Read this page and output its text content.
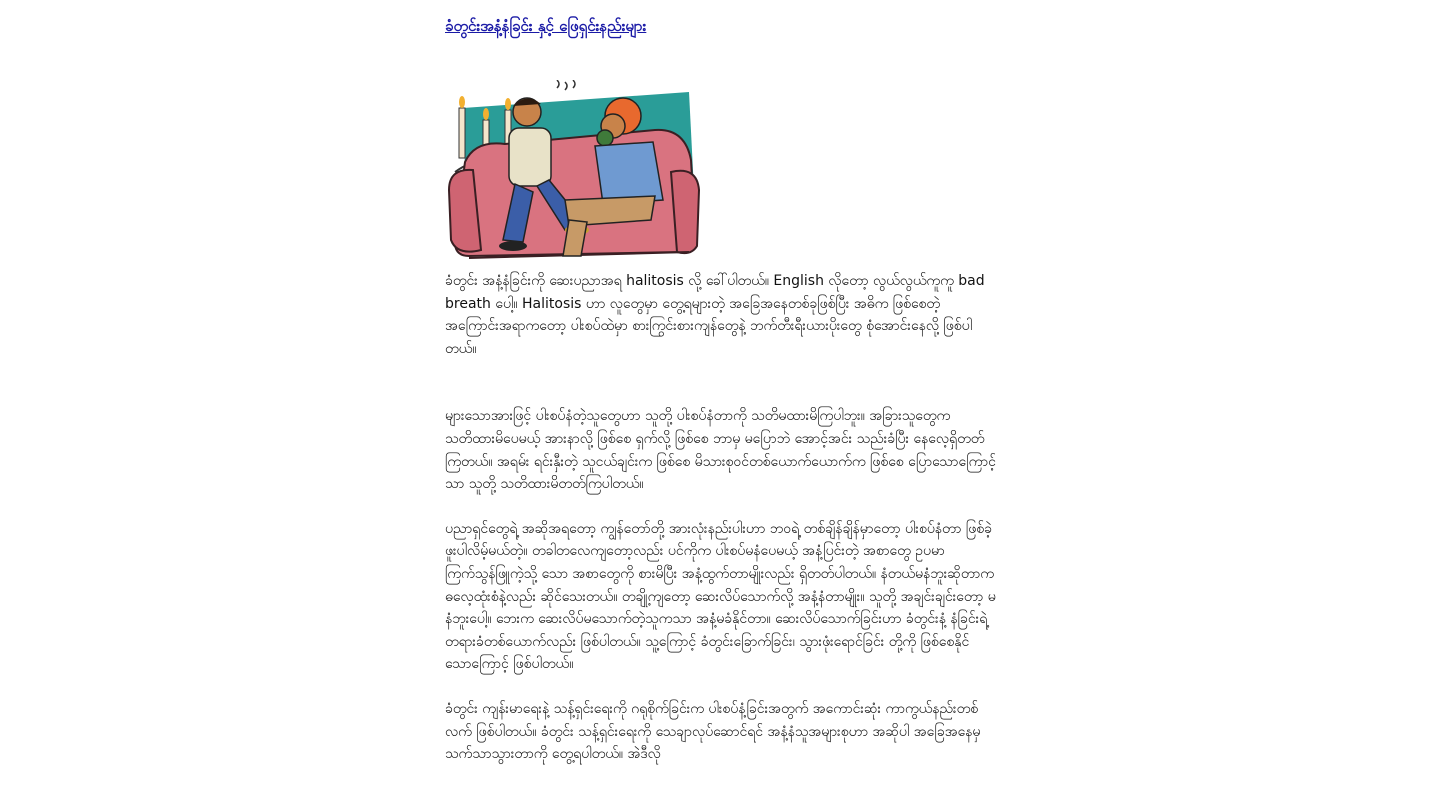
ခံတွင်းအနံ့နံခြင်း နှင့် ဖြေရှင်းနည်းများ

ခံတွင်း အနံ့နံခြင်းကို ဆေးပညာအရ halitosis လို့ ခေါ်ပါတယ်။ English လိုတော့ လွယ်လွယ်ကူကူ bad breath ပေါ့။ Halitosis ဟာ လူတွေမှာ တွေ့ရများတဲ့ အခြေအနေတစ်ခုဖြစ်ပြီး အဓိက ဖြစ်စေတဲ့ အကြောင်းအရာကတော့ ပါးစပ်ထဲမှာ စားကြွင်းစားကျန်တွေနဲ့ ဘက်တီးရီးယားပိုးတွေ စုံအောင်းနေလို့ ဖြစ်ပါတယ်။

များသောအားဖြင့် ပါးစပ်နံတဲ့သူတွေဟာ သူတို့ ပါးစပ်နံတာကို သတိမထားမိကြပါဘူး။ အခြားသူတွေက သတိထားမိပေမယ့် အားနာလို့ ဖြစ်စေ ရှက်လို့ ဖြစ်စေ ဘာမှ မပြောဘဲ အောင့်အင်း သည်းခံပြီး နေလေ့ရှိတတ်ကြတယ်။ အရမ်း ရင်းနှီးတဲ့ သူငယ်ချင်းက ဖြစ်စေ မိသားစုဝင်တစ်ယောက်ယောက်က ဖြစ်စေ ပြောသောကြောင့်သာ သူတို့ သတိထားမိတတ်ကြပါတယ်။

ပညာရှင်တွေရဲ့ အဆိုအရတော့ ကျွန်တော်တို့ အားလုံးနည်းပါးဟာ ဘဝရဲ့ တစ်ချိန်ချိန်မှာတော့ ပါးစပ်နံတာ ဖြစ်ခဲ့ဖူးပါလိမ့်မယ်တဲ့။ တခါတလေကျတော့လည်း ပင်ကိုက ပါးစပ်မနံပေမယ့် အနံ့ပြင်းတဲ့ အစာတွေ ဥပမာ ကြက်သွန်ဖြူကဲ့သို့ သော အစာတွေကို စားမိပြီး အနံ့ထွက်တာမျိုးလည်း ရှိတတ်ပါတယ်။ နံတယ်မနံဘူးဆိုတာက ဓလေ့ထုံးစံနဲ့လည်း ဆိုင်သေးတယ်။ တချို့ကျတော့ ဆေးလိပ်သောက်လို့ အနံ့နံတာမျိုး။ သူတို့ အချင်းချင်းတော့ မနံဘူးပေါ့။ ဘေးက ဆေးလိပ်မသောက်တဲ့သူကသာ အနံ့မခံနိုင်တာ။ ဆေးလိပ်သောက်ခြင်းဟာ ခံတွင်းနံ့ နံခြင်းရဲ့ တရားခံတစ်ယောက်လည်း ဖြစ်ပါတယ်။ သူ့ကြောင့် ခံတွင်းခြောက်ခြင်း၊ သွားဖုံးရောင်ခြင်း တို့ကို ဖြစ်စေနိုင်သောကြောင့် ဖြစ်ပါတယ်။

ခံတွင်း ကျန်းမာရေးနဲ့ သန့်ရှင်းရေးကို ဂရုစိုက်ခြင်းက ပါးစပ်နံ့ခြင်းအတွက် အကောင်းဆုံး ကာကွယ်နည်းတစ်လက် ဖြစ်ပါတယ်။ ခံတွင်း သန့်ရှင်းရေးကို သေချာလုပ်ဆောင်ရင် အနံ့နံသူအများစုဟာ အဆိုပါ အခြေအနေမှ သက်သာသွားတာကို တွေ့ရပါတယ်။ အဲဒီလို
